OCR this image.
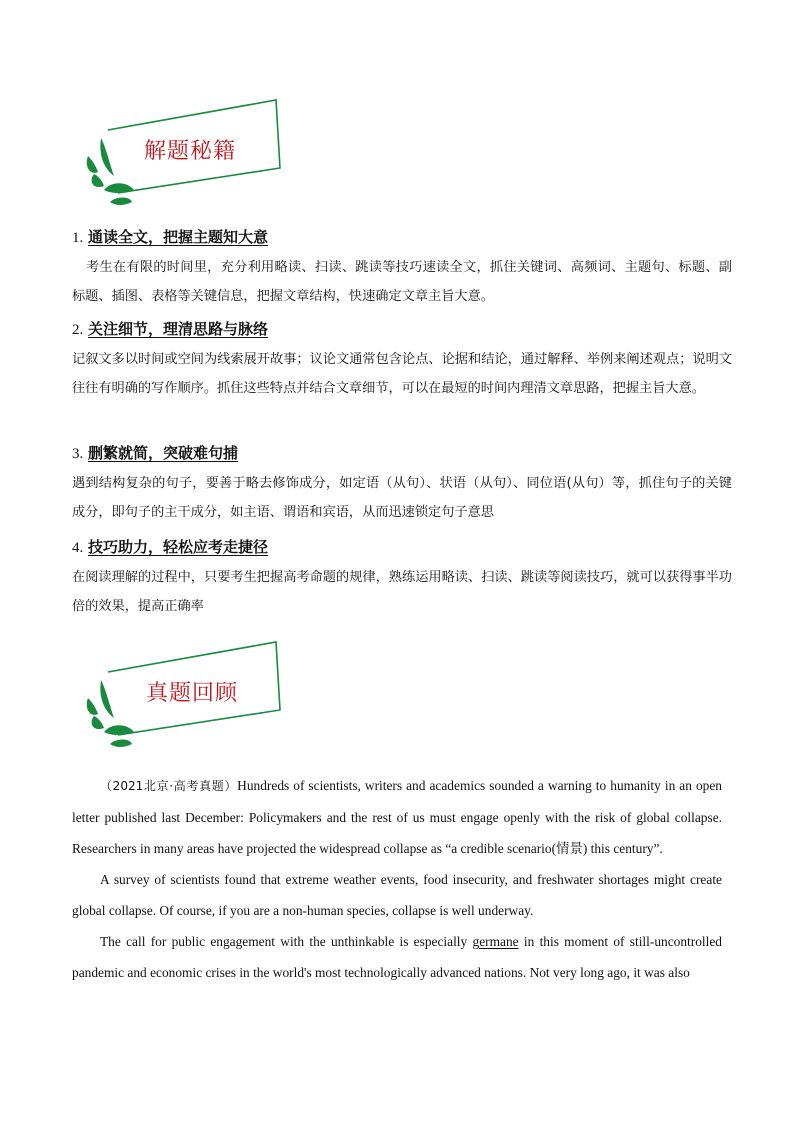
解题秘籍
1. 通读全文，把握主题知大意
考生在有限的时间里，充分利用略读、扫读、跳读等技巧速读全文，抓住关键词、高频词、主题句、标题、副标题、插图、表格等关键信息，把握文章结构，快速确定文章主旨大意。
2. 关注细节，理清思路与脉络
记叙文多以时间或空间为线索展开故事；议论文通常包含论点、论据和结论，通过解释、举例来阐述观点；说明文往往有明确的写作顺序。抓住这些特点并结合文章细节，可以在最短的时间内理清文章思路，把握主旨大意。
3. 删繁就简，突破难句捕
遇到结构复杂的句子，要善于略去修饰成分，如定语（从句）、状语（从句）、同位语(从句）等，抓住句子的关键成分，即句子的主干成分，如主语、谓语和宾语，从而迅速锁定句子意思
4. 技巧助力，轻松应考走捷径
在阅读理解的过程中，只要考生把握高考命题的规律，熟练运用略读、扫读、跳读等阅读技巧，就可以获得事半功倍的效果，提高正确率
真题回顾

（2021北京·高考真题）Hundreds of scientists, writers and academics sounded a warning to humanity in an open letter published last December: Policymakers and the rest of us must engage openly with the risk of global collapse. Researchers in many areas have projected the widespread collapse as “a credible scenario(情景) this century”.

A survey of scientists found that extreme weather events, food insecurity, and freshwater shortages might create global collapse. Of course, if you are a non-human species, collapse is well underway.

The call for public engagement with the unthinkable is especially germane in this moment of still-uncontrolled pandemic and economic crises in the world's most technologically advanced nations. Not very long ago, it was also
